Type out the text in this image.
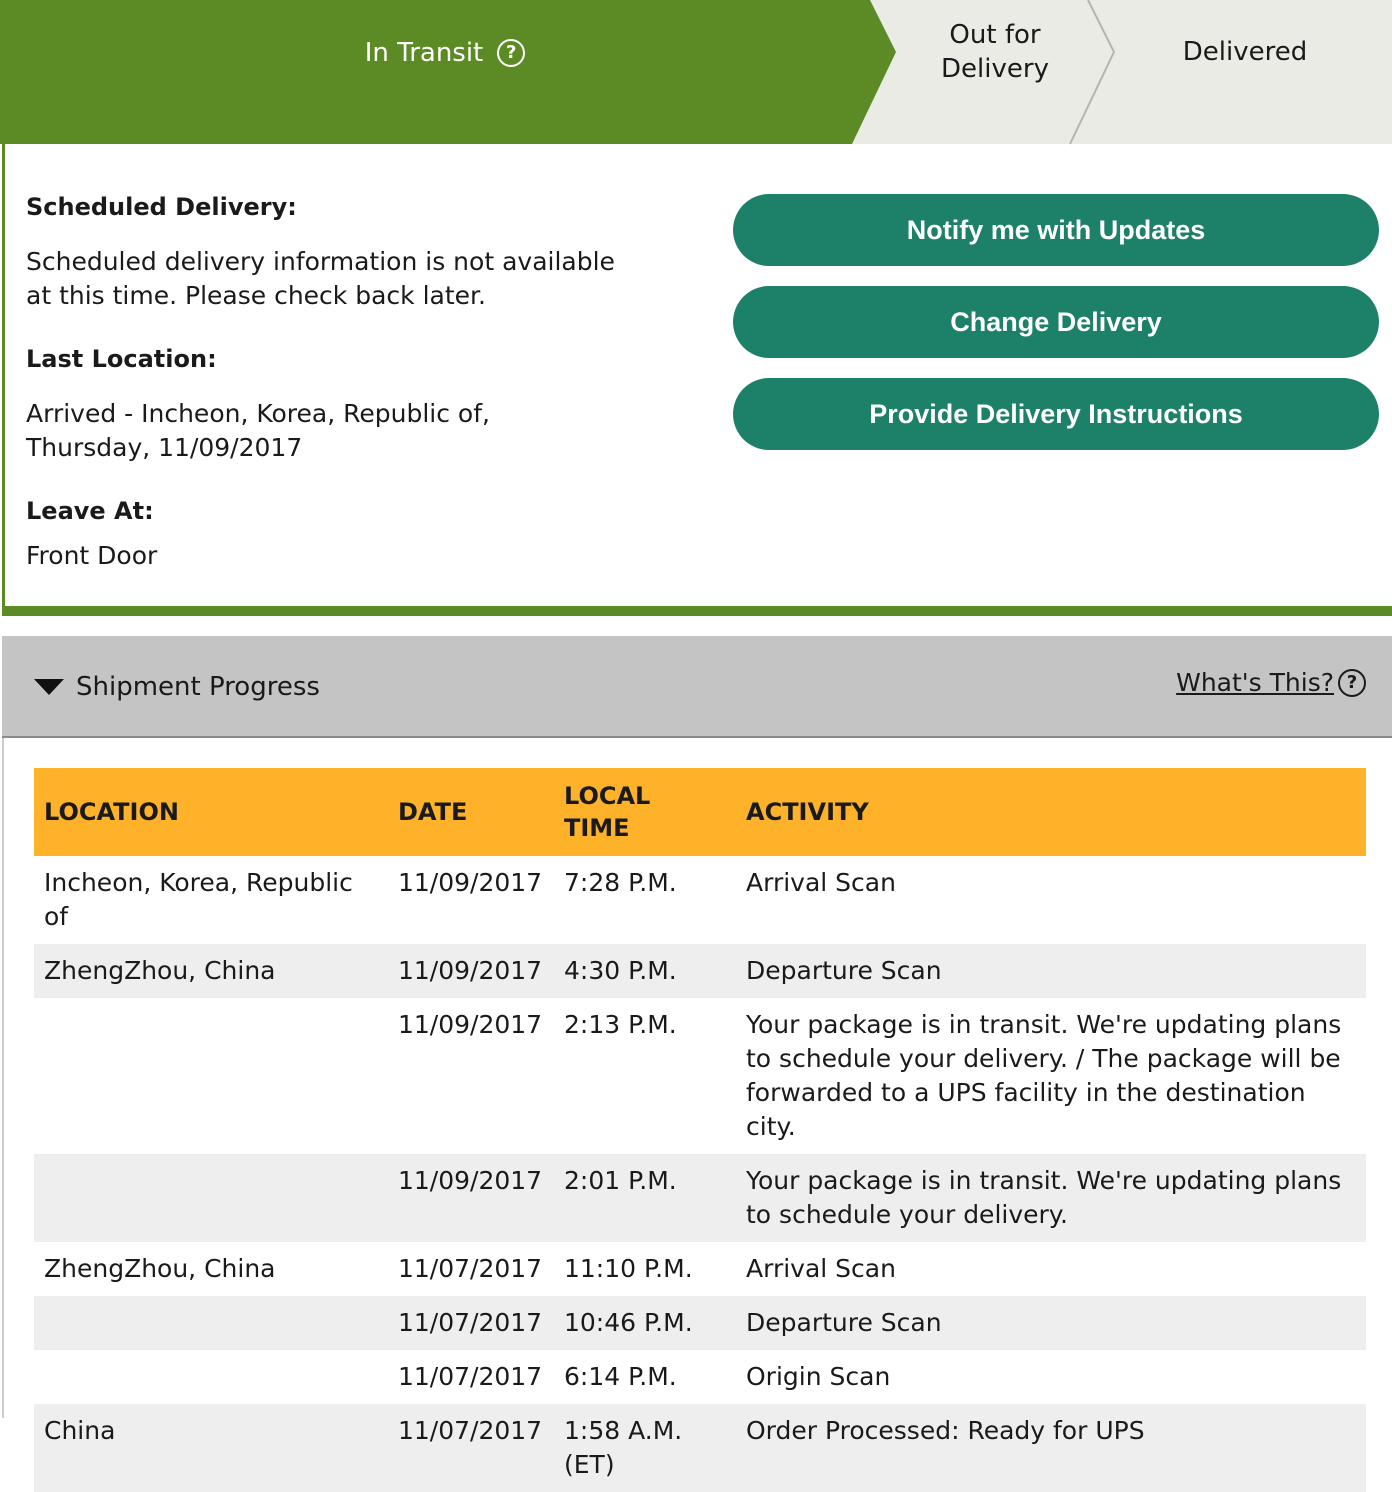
In Transit	?
Out for Delivery
Delivered
Scheduled Delivery:
Scheduled delivery information is not available at this time. Please check back later.
Last Location:
Arrived - Incheon, Korea, Republic of,
Thursday, 11/09/2017
Leave At:
Front Door
Notify me with Updates
Change Delivery
Provide Delivery Instructions
Shipment Progress	What's This? ?
LOCATION	DATE	LOCAL TIME	ACTIVITY
Incheon, Korea, Republic of	11/09/2017	7:28 P.M.	Arrival Scan
ZhengZhou, China	11/09/2017	4:30 P.M.	Departure Scan
	11/09/2017	2:13 P.M.	Your package is in transit. We're updating plans to schedule your delivery. / The package will be forwarded to a UPS facility in the destination city.
	11/09/2017	2:01 P.M.	Your package is in transit. We're updating plans to schedule your delivery.
ZhengZhou, China	11/07/2017	11:10 P.M.	Arrival Scan
	11/07/2017	10:46 P.M.	Departure Scan
	11/07/2017	6:14 P.M.	Origin Scan
China	11/07/2017	1:58 A.M. (ET)	Order Processed: Ready for UPS
